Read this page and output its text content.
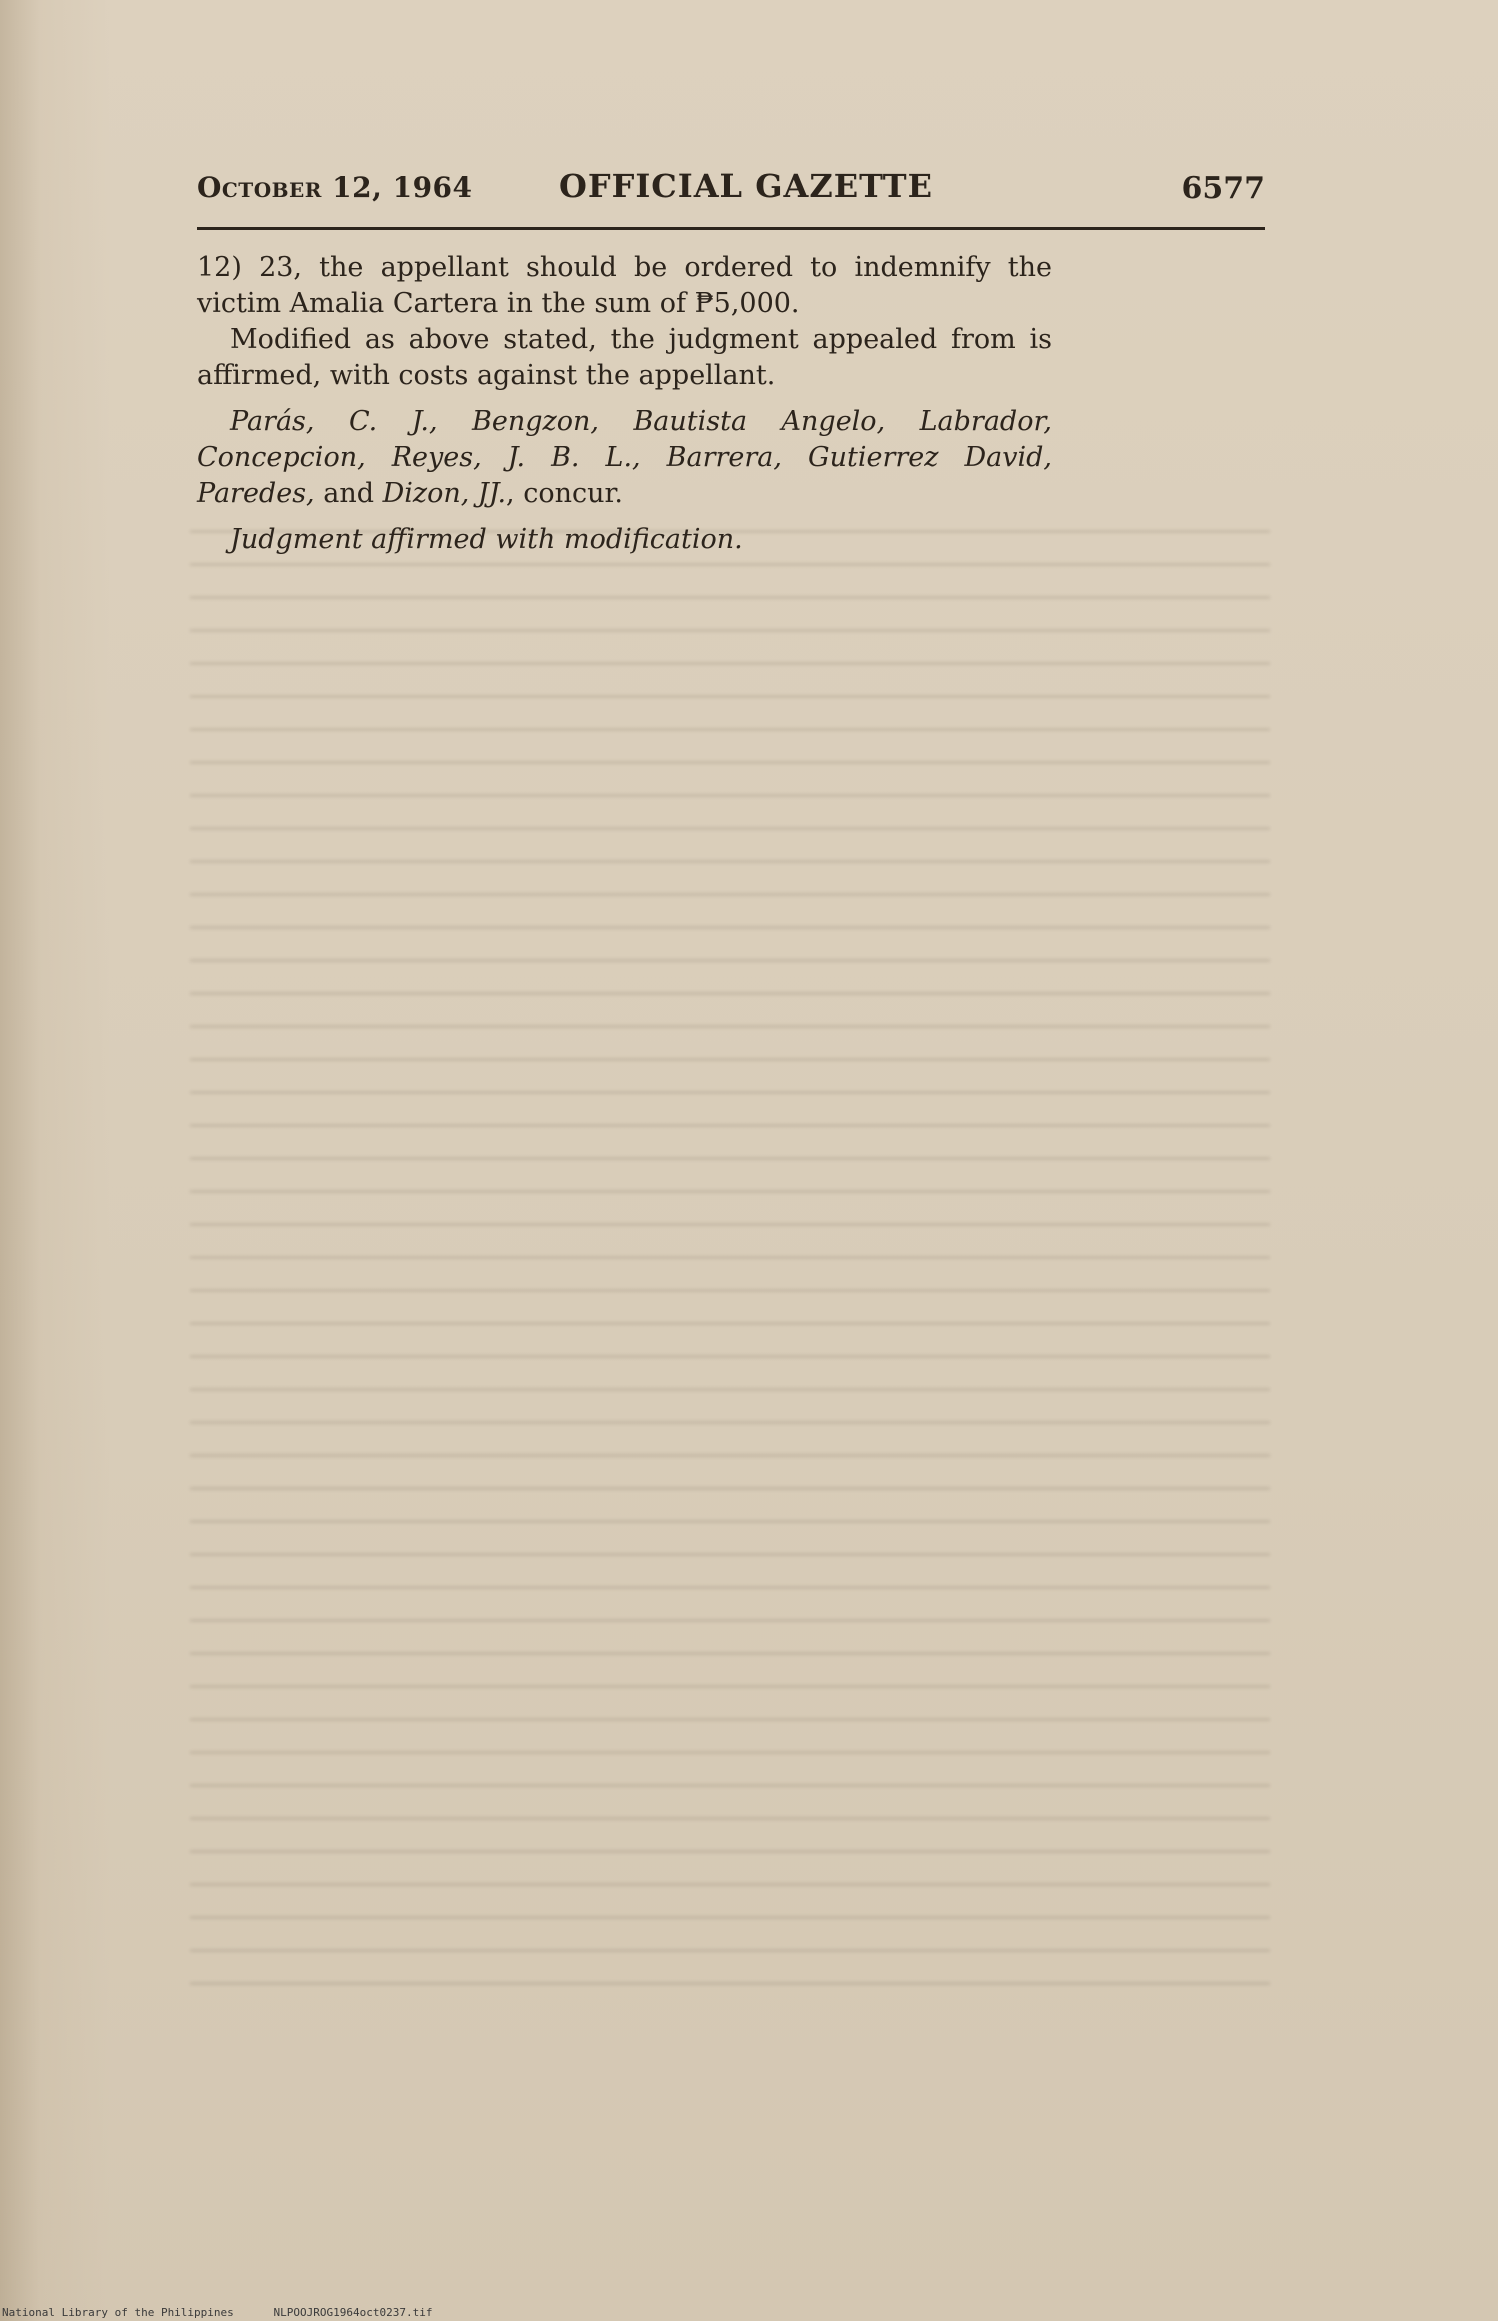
October 12, 1964	OFFICIAL GAZETTE	6577

12) 23, the appellant should be ordered to indemnify the victim Amalia Cartera in the sum of ₱5,000.

Modified as above stated, the judgment appealed from is affirmed, with costs against the appellant.

Parás, C. J., Bengzon, Bautista Angelo, Labrador, Concepcion, Reyes, J. B. L., Barrera, Gutierrez David, Paredes, and Dizon, JJ., concur.

Judgment affirmed with modification.

National Library of the Philippines	NLPOOJROG1964oct0237.tif
